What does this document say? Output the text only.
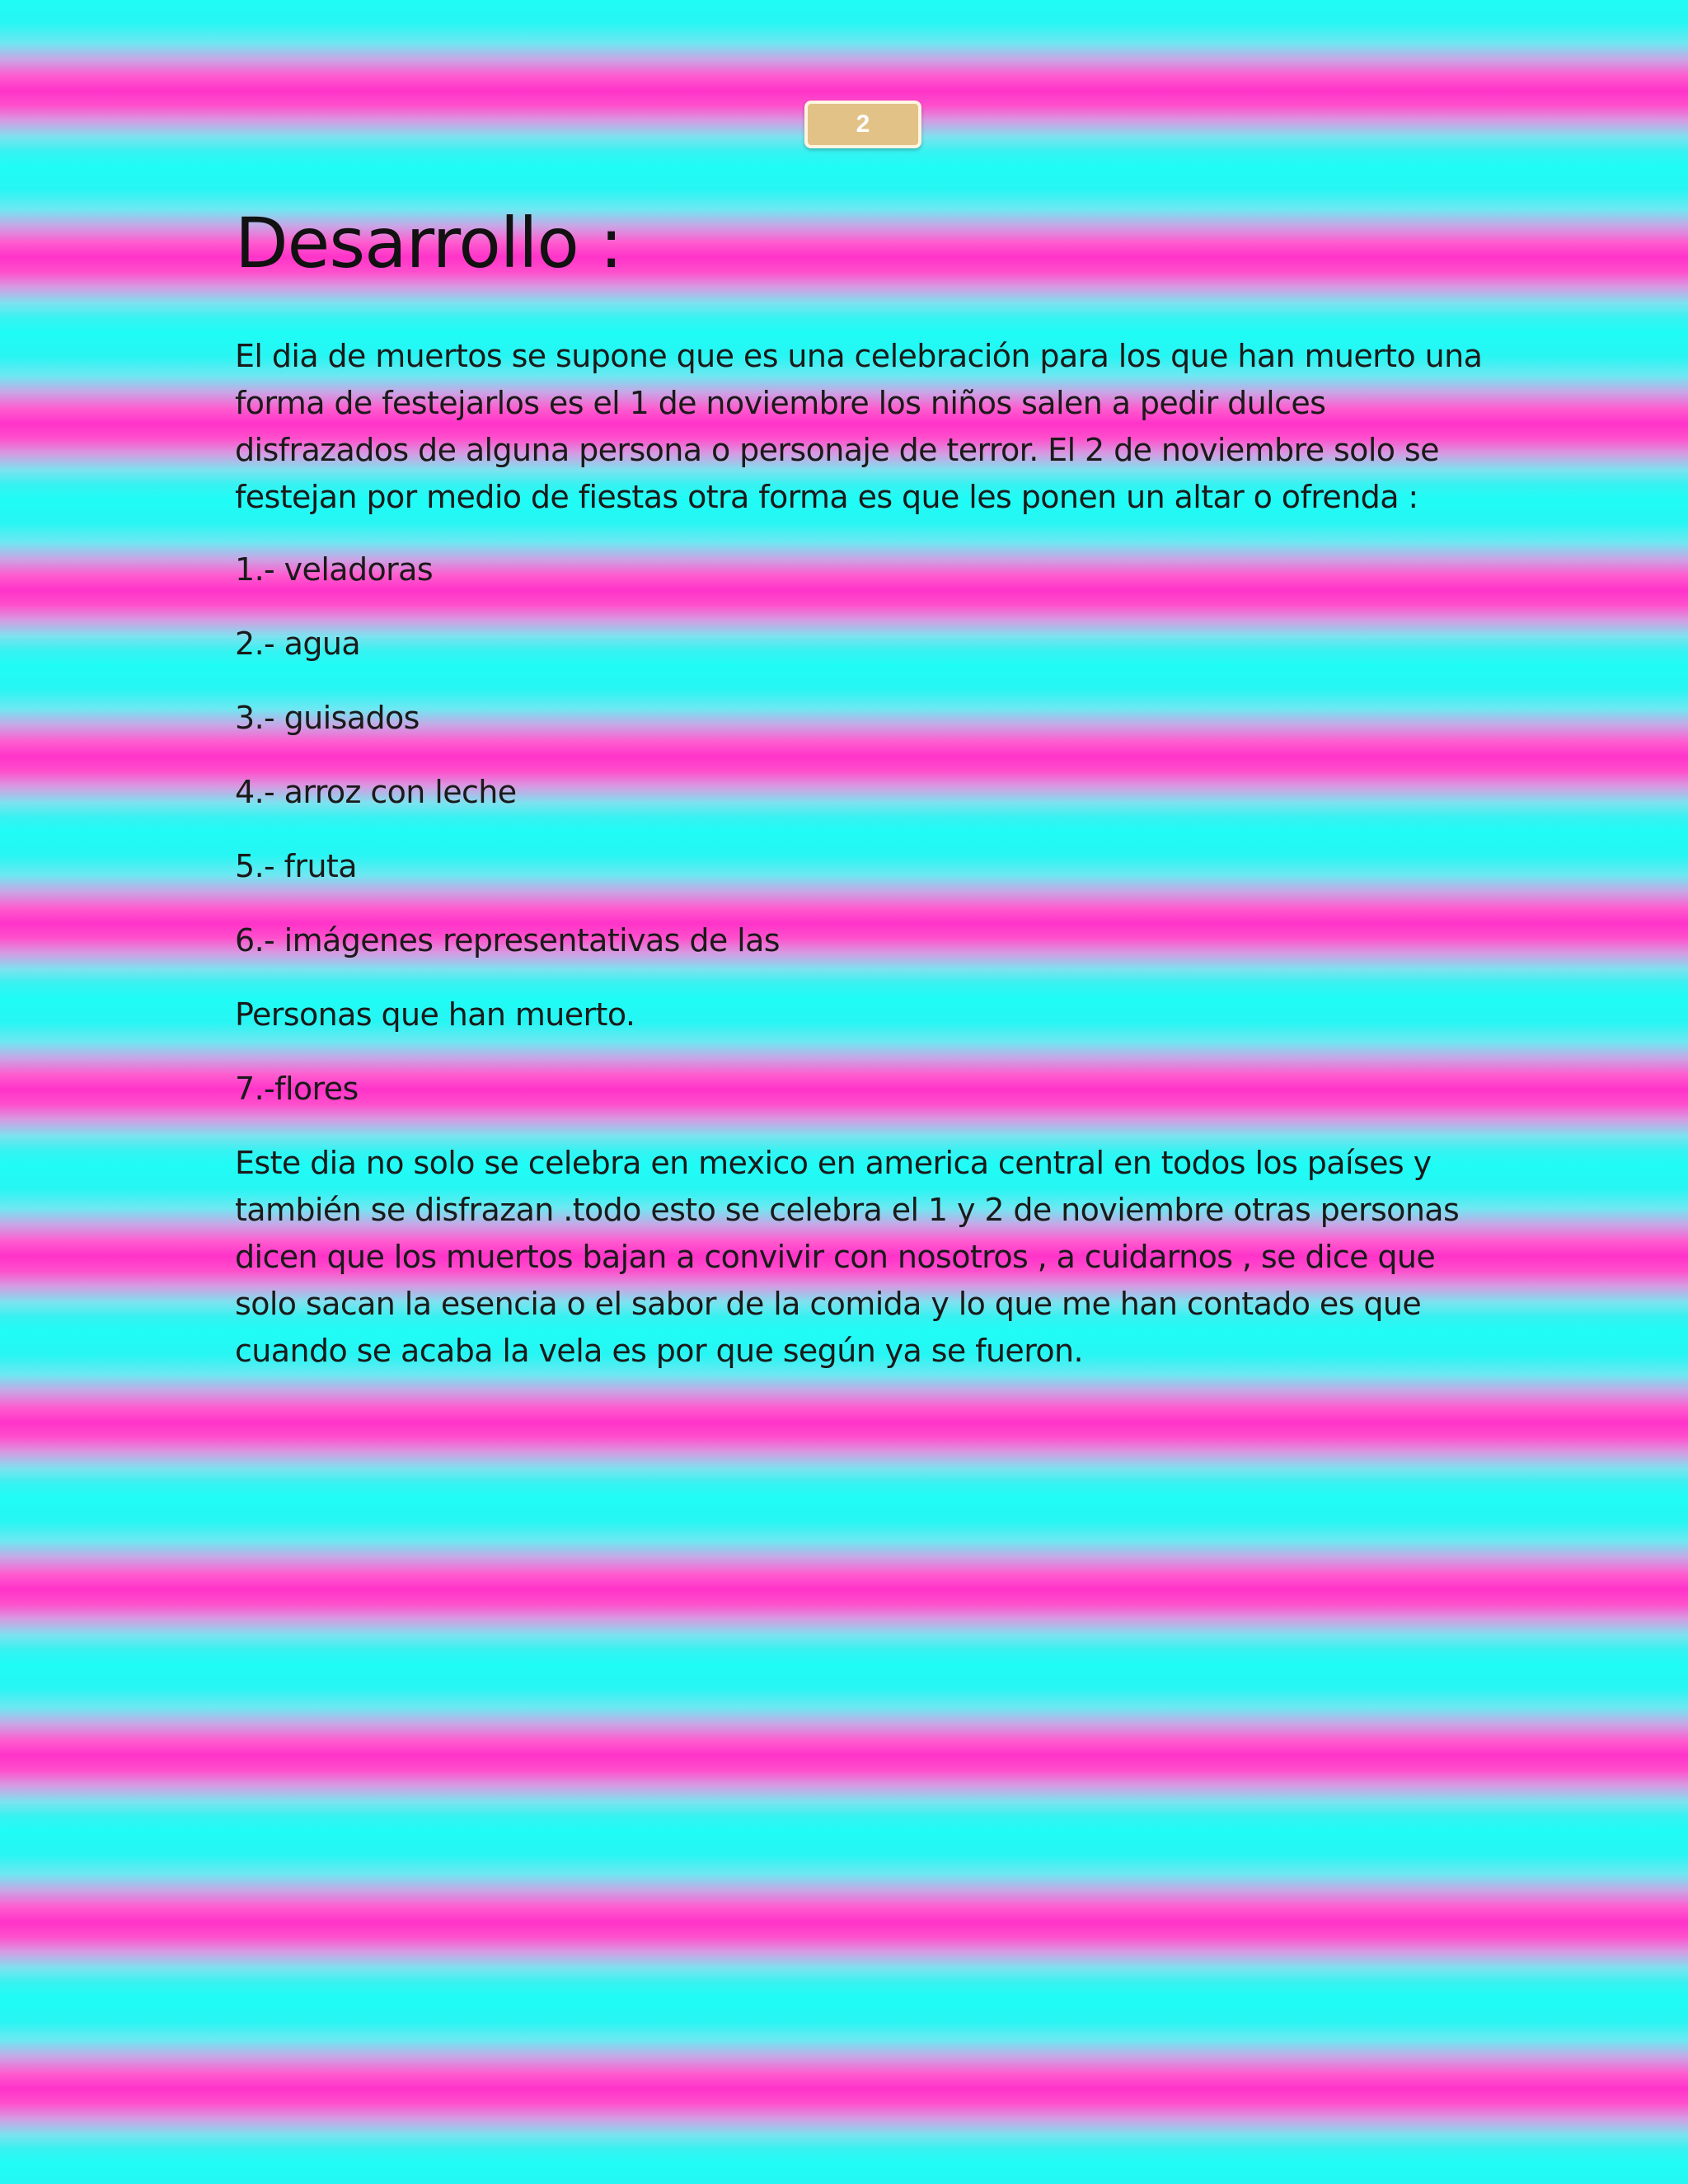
2
Desarrollo :

El dia de muertos se supone que es una celebración para los que han muerto una forma de festejarlos es el 1 de noviembre los niños salen a pedir dulces disfrazados de alguna persona o personaje de terror. El 2 de noviembre solo se festejan por medio de fiestas otra forma es que les ponen un altar o ofrenda :

1.- veladoras

2.- agua

3.- guisados

4.- arroz con leche

5.- fruta

6.- imágenes representativas de las

Personas que han muerto.

7.-flores

Este dia no solo se celebra en mexico en america central en todos los países y también se disfrazan .todo esto se celebra el 1 y 2 de noviembre otras personas dicen que los muertos bajan a convivir con nosotros , a cuidarnos , se dice que solo sacan la esencia o el sabor de la comida y lo que me han contado es que cuando se acaba la vela es por que según ya se fueron.
